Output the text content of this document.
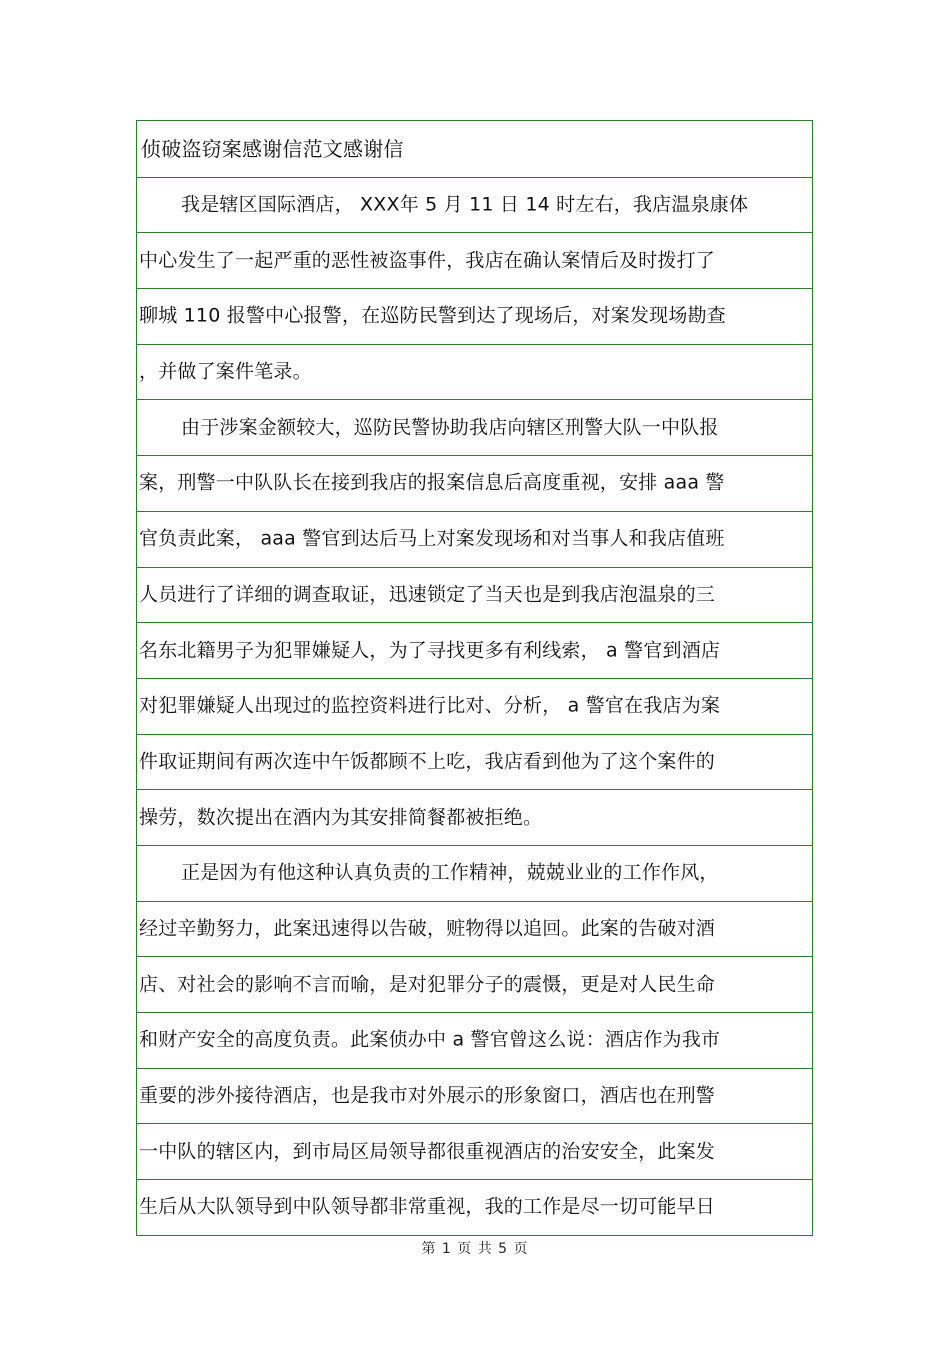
侦破盗窃案感谢信范文感谢信
我是辖区国际酒店， XXX年 5 月 11 日 14 时左右，我店温泉康体
中心发生了一起严重的恶性被盗事件，我店在确认案情后及时拨打了
聊城 110 报警中心报警，在巡防民警到达了现场后，对案发现场勘查
，并做了案件笔录。
由于涉案金额较大，巡防民警协助我店向辖区刑警大队一中队报
案，刑警一中队队长在接到我店的报案信息后高度重视，安排 aaa 警
官负责此案， aaa 警官到达后马上对案发现场和对当事人和我店值班
人员进行了详细的调查取证，迅速锁定了当天也是到我店泡温泉的三
名东北籍男子为犯罪嫌疑人，为了寻找更多有利线索， a 警官到酒店
对犯罪嫌疑人出现过的监控资料进行比对、分析， a 警官在我店为案
件取证期间有两次连中午饭都顾不上吃，我店看到他为了这个案件的
操劳，数次提出在酒内为其安排简餐都被拒绝。
正是因为有他这种认真负责的工作精神，兢兢业业的工作作风，
经过辛勤努力，此案迅速得以告破，赃物得以追回。此案的告破对酒
店、对社会的影响不言而喻，是对犯罪分子的震慑，更是对人民生命
和财产安全的高度负责。此案侦办中 a 警官曾这么说：酒店作为我市
重要的涉外接待酒店，也是我市对外展示的形象窗口，酒店也在刑警
一中队的辖区内，到市局区局领导都很重视酒店的治安安全，此案发
生后从大队领导到中队领导都非常重视，我的工作是尽一切可能早日
第 1 页 共 5 页
